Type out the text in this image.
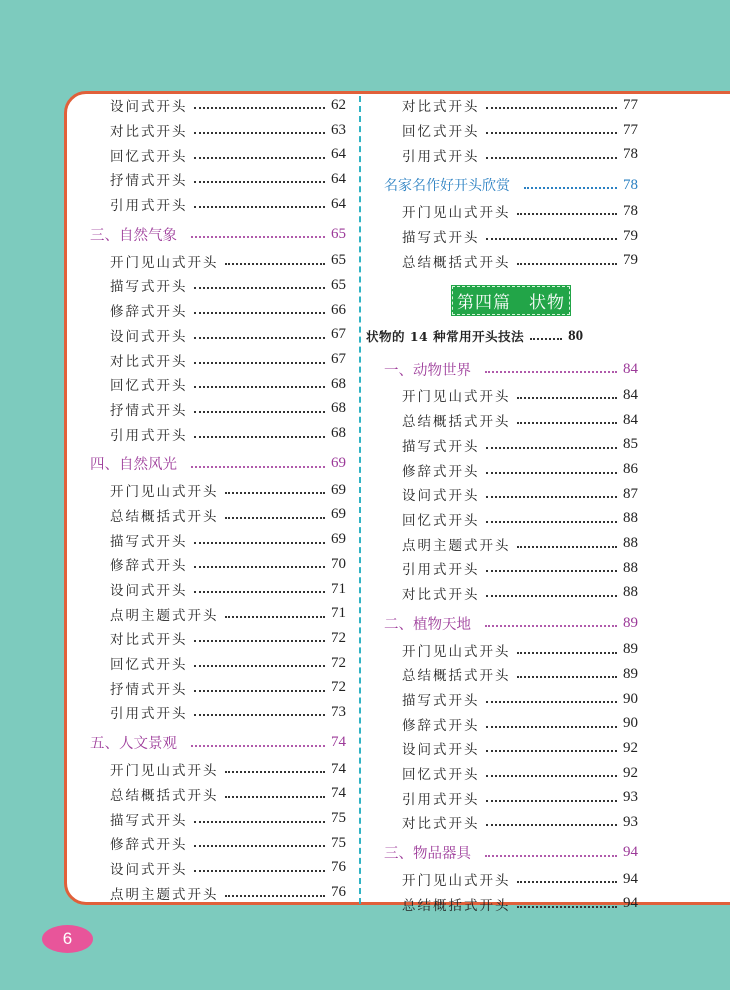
设问式开头	62
对比式开头	63
回忆式开头	64
抒情式开头	64
引用式开头	64
三、自然气象	65
开门见山式开头	65
描写式开头	65
修辞式开头	66
设问式开头	67
对比式开头	67
回忆式开头	68
抒情式开头	68
引用式开头	68
四、自然风光	69
开门见山式开头	69
总结概括式开头	69
描写式开头	69
修辞式开头	70
设问式开头	71
点明主题式开头	71
对比式开头	72
回忆式开头	72
抒情式开头	72
引用式开头	73
五、人文景观	74
开门见山式开头	74
总结概括式开头	74
描写式开头	75
修辞式开头	75
设问式开头	76
点明主题式开头	76
对比式开头	77
回忆式开头	77
引用式开头	78
名家名作好开头欣赏	78
开门见山式开头	78
描写式开头	79
总结概括式开头	79
第四篇　状物
状物的 14 种常用开头技法	80
一、动物世界	84
开门见山式开头	84
总结概括式开头	84
描写式开头	85
修辞式开头	86
设问式开头	87
回忆式开头	88
点明主题式开头	88
引用式开头	88
对比式开头	88
二、植物天地	89
开门见山式开头	89
总结概括式开头	89
描写式开头	90
修辞式开头	90
设问式开头	92
回忆式开头	92
引用式开头	93
对比式开头	93
三、物品器具	94
开门见山式开头	94
总结概括式开头	94
6
